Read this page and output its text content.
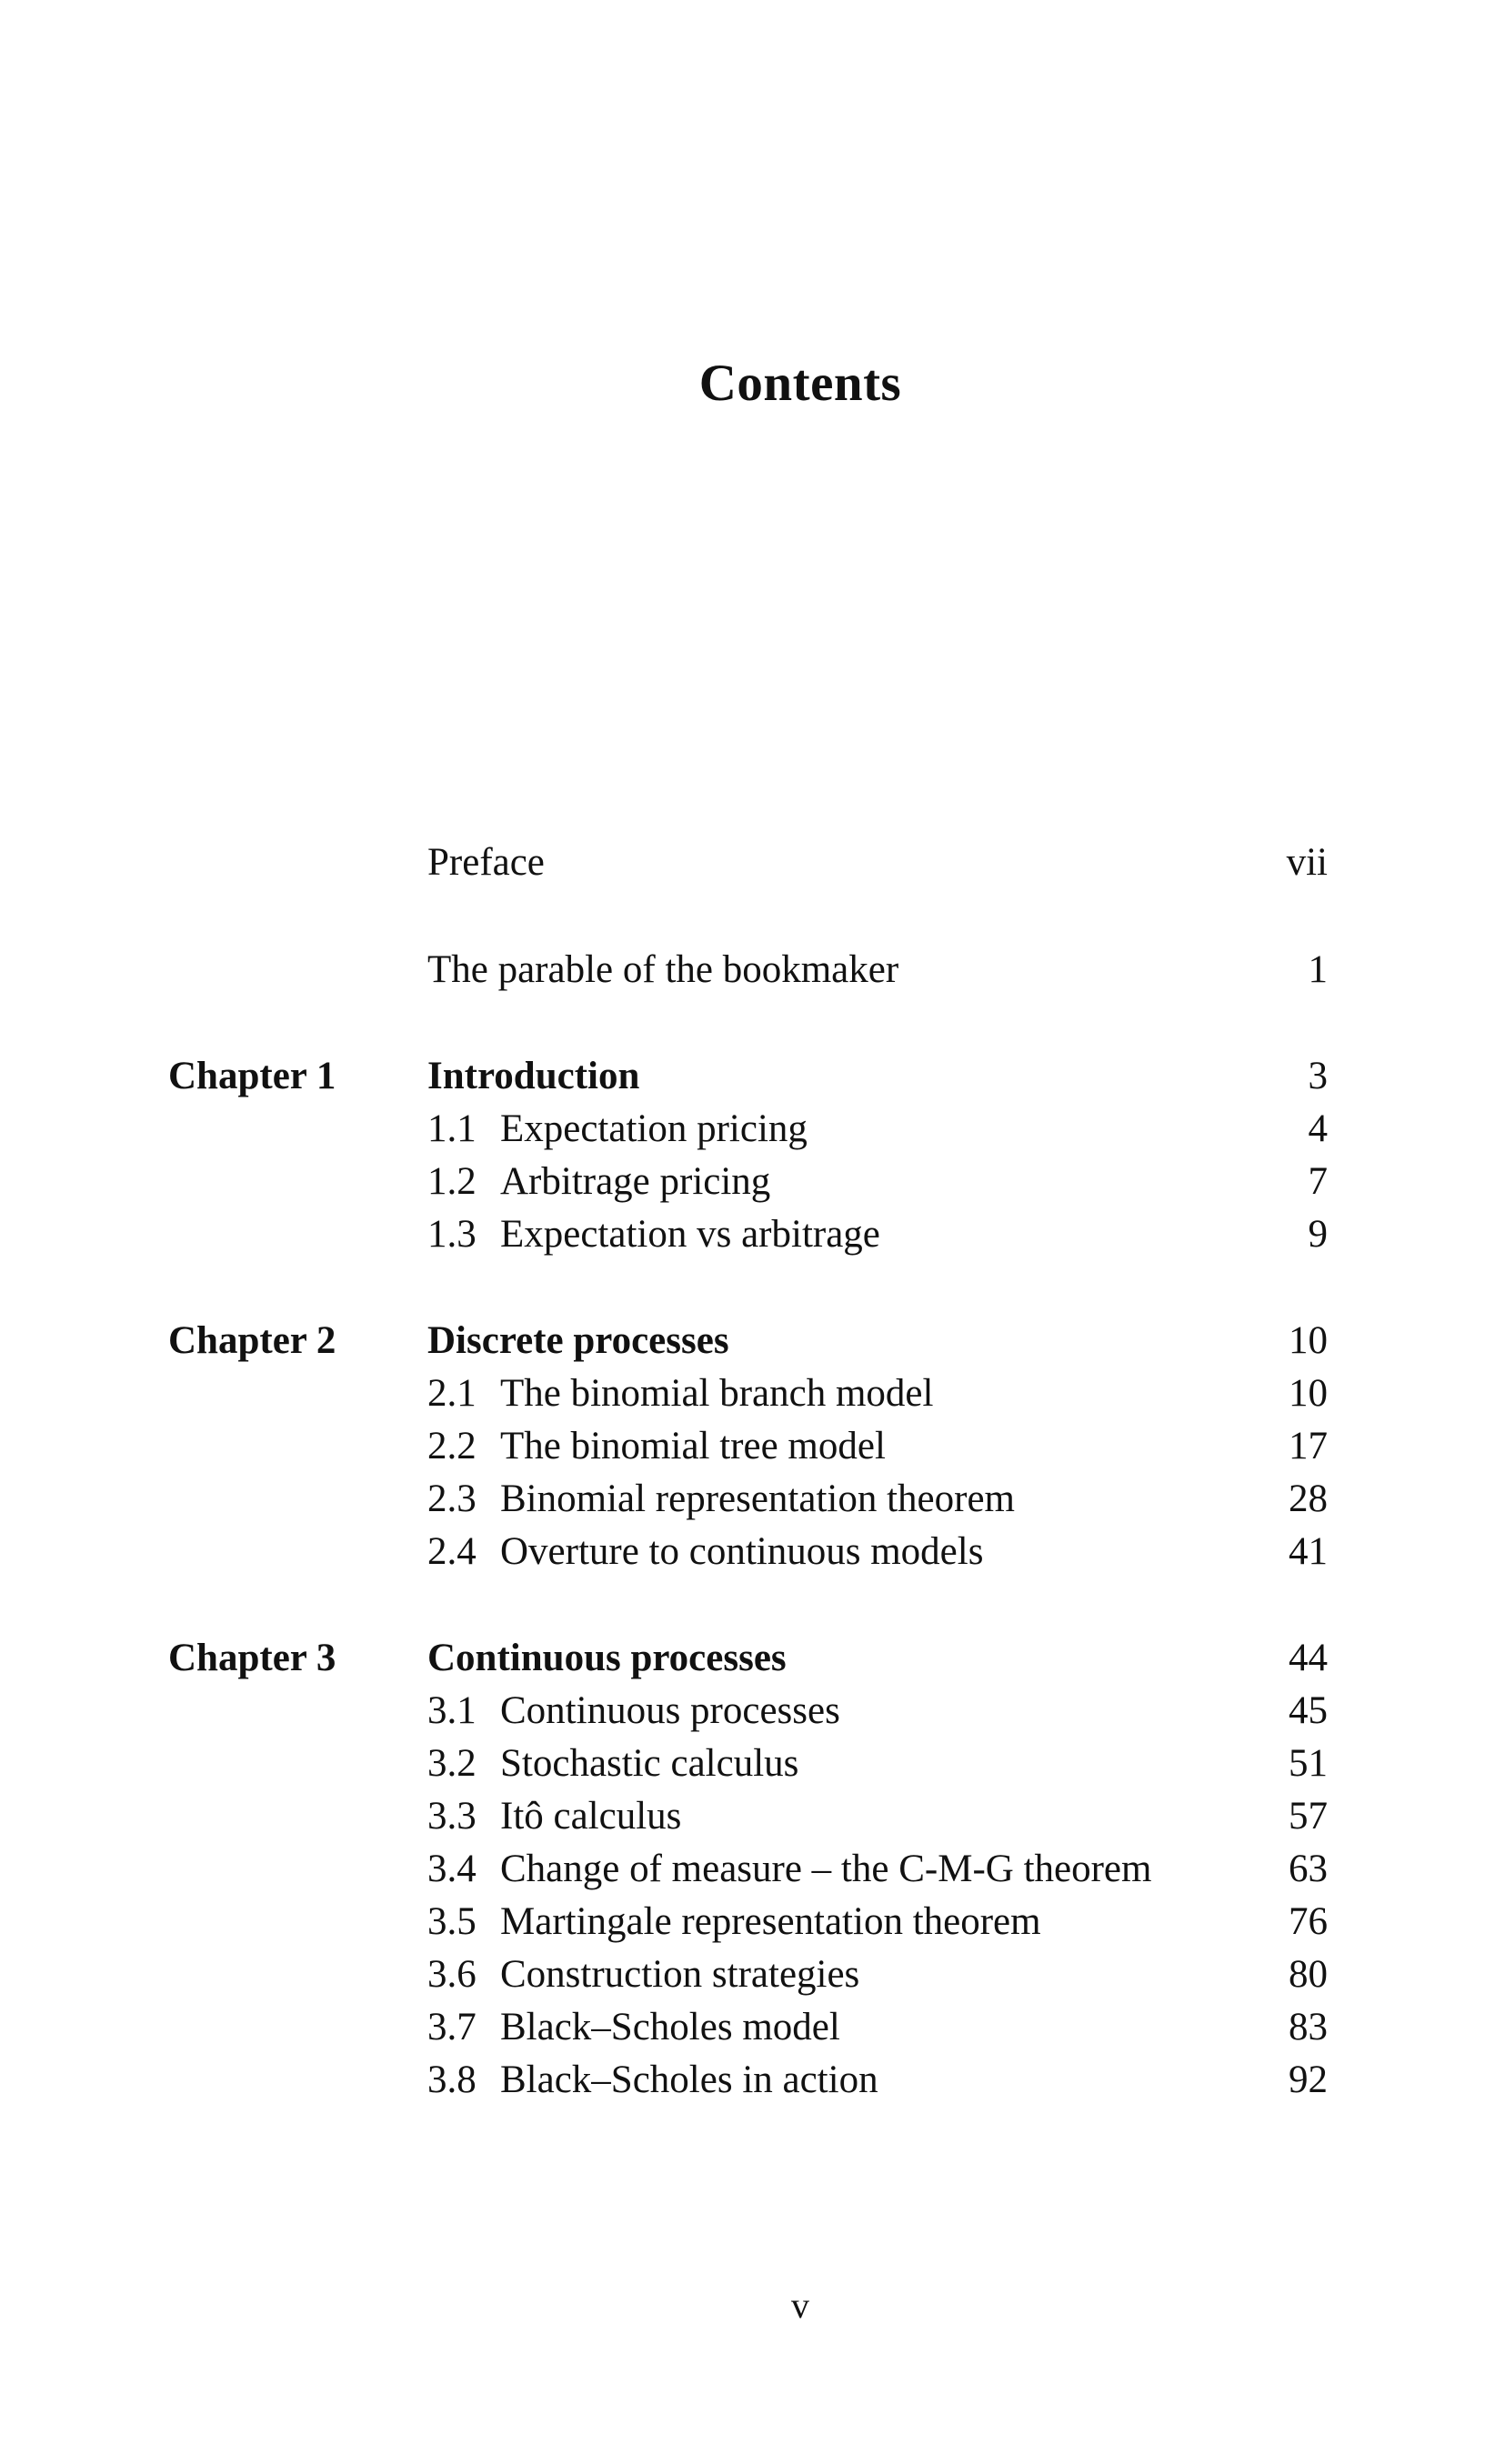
Contents
Preface	vii
The parable of the bookmaker	1
Chapter 1 Introduction	3
1.1 Expectation pricing	4
1.2 Arbitrage pricing	7
1.3 Expectation vs arbitrage	9
Chapter 2 Discrete processes	10
2.1 The binomial branch model	10
2.2 The binomial tree model	17
2.3 Binomial representation theorem	28
2.4 Overture to continuous models	41
Chapter 3 Continuous processes	44
3.1 Continuous processes	45
3.2 Stochastic calculus	51
3.3 Itô calculus	57
3.4 Change of measure – the C-M-G theorem	63
3.5 Martingale representation theorem	76
3.6 Construction strategies	80
3.7 Black–Scholes model	83
3.8 Black–Scholes in action	92
v
